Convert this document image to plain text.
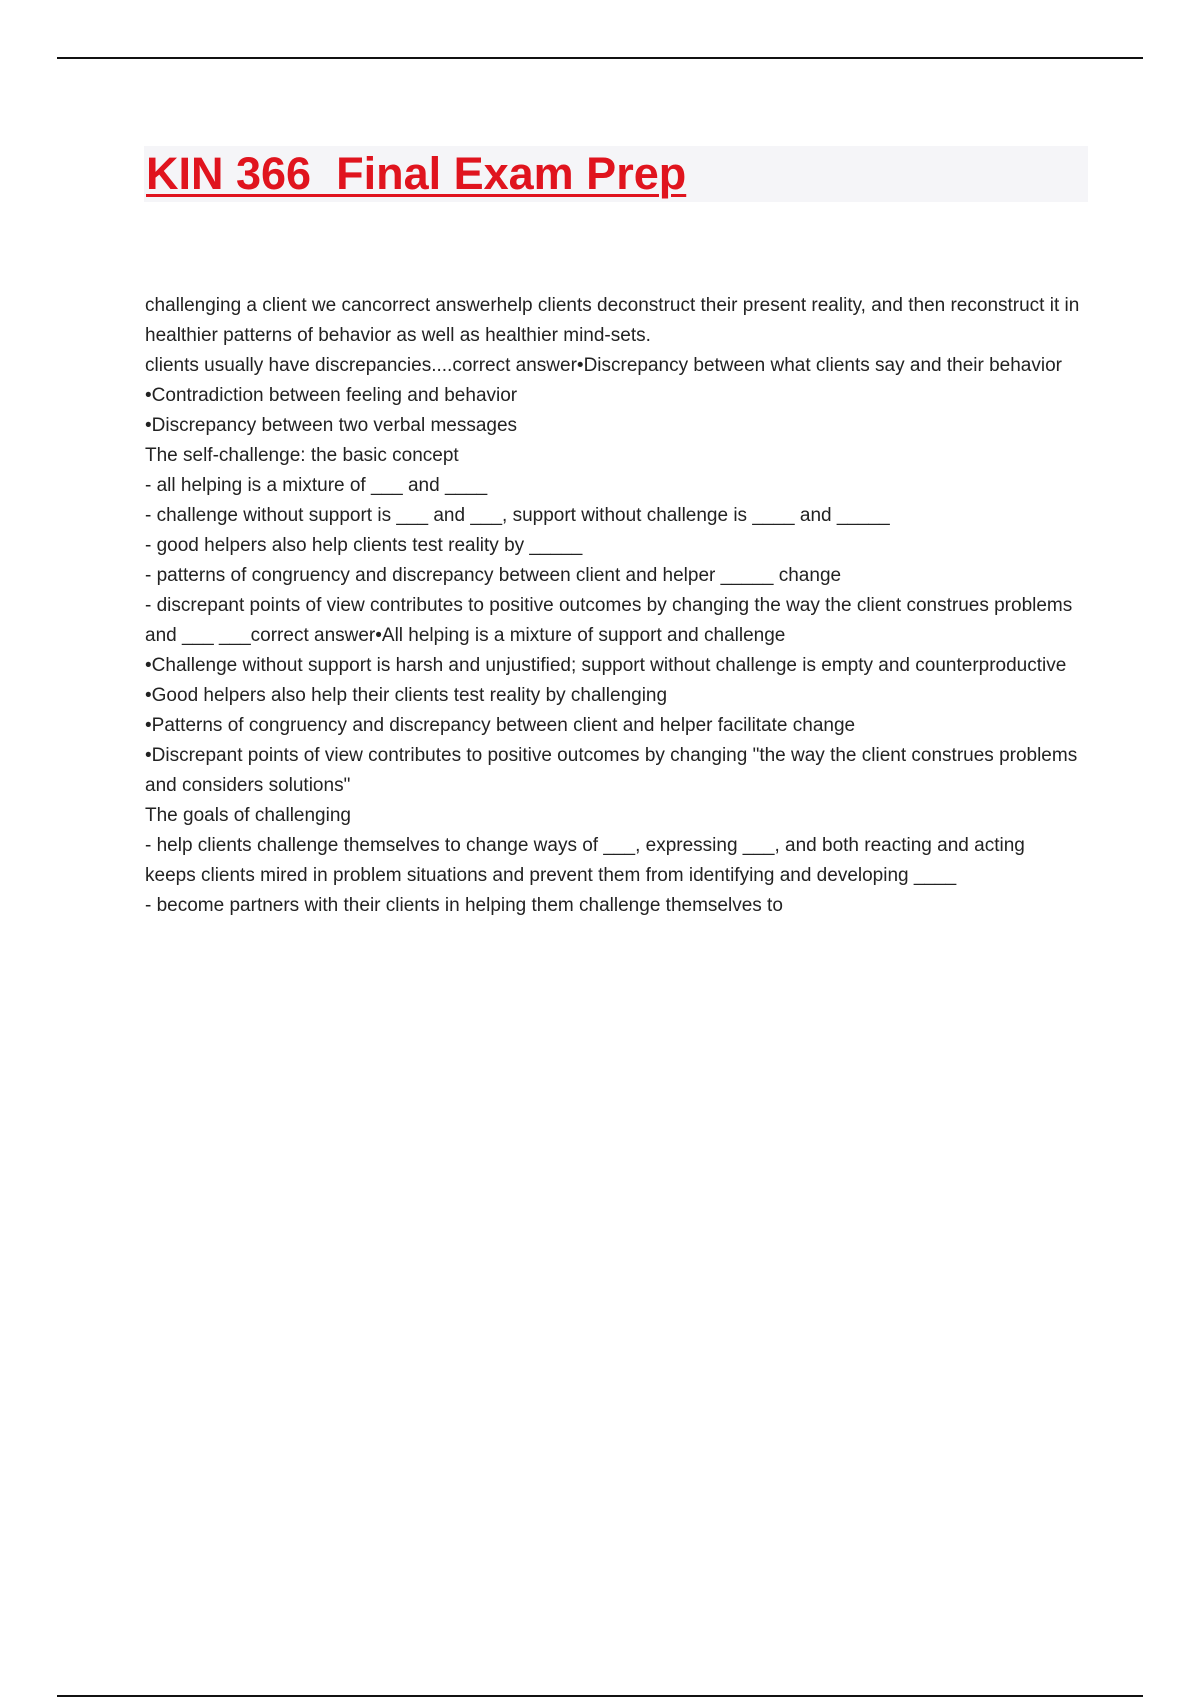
KIN 366  Final Exam Prep

challenging a client we cancorrect answerhelp clients deconstruct their present reality, and then reconstruct it in healthier patterns of behavior as well as healthier mind-sets.

clients usually have discrepancies....correct answer•Discrepancy between what clients say and their behavior

•Contradiction between feeling and behavior

•Discrepancy between two verbal messages

The self-challenge: the basic concept

- all helping is a mixture of ___ and ____

- challenge without support is ___ and ___, support without challenge is ____ and _____

- good helpers also help clients test reality by _____

- patterns of congruency and discrepancy between client and helper _____ change

- discrepant points of view contributes to positive outcomes by changing the way the client construes problems and ___ ___correct answer•All helping is a mixture of support and challenge

•Challenge without support is harsh and unjustified; support without challenge is empty and counterproductive

•Good helpers also help their clients test reality by challenging

•Patterns of congruency and discrepancy between client and helper facilitate change

•Discrepant points of view contributes to positive outcomes by changing "the way the client construes problems and considers solutions"

The goals of challenging

- help clients challenge themselves to change ways of ___, expressing ___, and both reacting and acting keeps clients mired in problem situations and prevent them from identifying and developing ____

- become partners with their clients in helping them challenge themselves to
